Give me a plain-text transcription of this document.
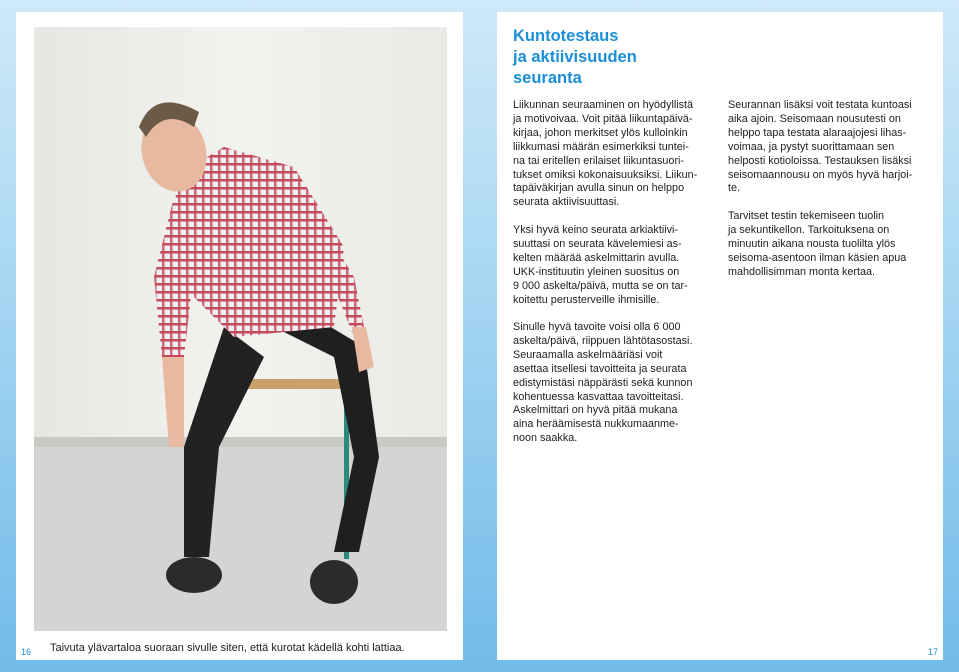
Taivuta ylävartaloa suoraan sivulle siten, että kurotat kädellä kohti lattiaa.
16
Kuntotestaus
ja aktiivisuuden
seuranta

Liikunnan seuraaminen on hyödyllistä
ja motivoivaa. Voit pitää liikuntapäivä-
kirjaa, johon merkitset ylös kulloinkin
liikkumasi määrän esimerkiksi tuntei-
na tai eritellen erilaiset liikuntasuori-
tukset omiksi kokonaisuuksiksi. Liikun-
tapäiväkirjan avulla sinun on helppo
seurata aktiivisuuttasi.

Yksi hyvä keino seurata arkiaktiivi-
suuttasi on seurata kävelemiesi as-
kelten määrää askelmittarin avulla.
UKK-instituutin yleinen suositus on
9 000 askelta/päivä, mutta se on tar-
koitettu perusterveille ihmisille.

Sinulle hyvä tavoite voisi olla 6 000
askelta/päivä, riippuen lähtötasostasi.
Seuraamalla askelmääriäsi voit
asettaa itsellesi tavoitteita ja seurata
edistymistäsi näppärästi sekä kunnon
kohentuessa kasvattaa tavoitteitasi.
Askelmittari on hyvä pitää mukana
aina heräämisestä nukkumaanme-
noon saakka.

Seurannan lisäksi voit testata kuntoasi
aika ajoin. Seisomaan nousutesti on
helppo tapa testata alaraajojesi lihas-
voimaa, ja pystyt suorittamaan sen
helposti kotioloissa. Testauksen lisäksi
seisomaannousu on myös hyvä harjoi-
te.

Tarvitset testin tekemiseen tuolin
ja sekuntikellon. Tarkoituksena on
minuutin aikana nousta tuolilta ylös
seisoma-asentoon ilman käsien apua
mahdollisimman monta kertaa.

17
